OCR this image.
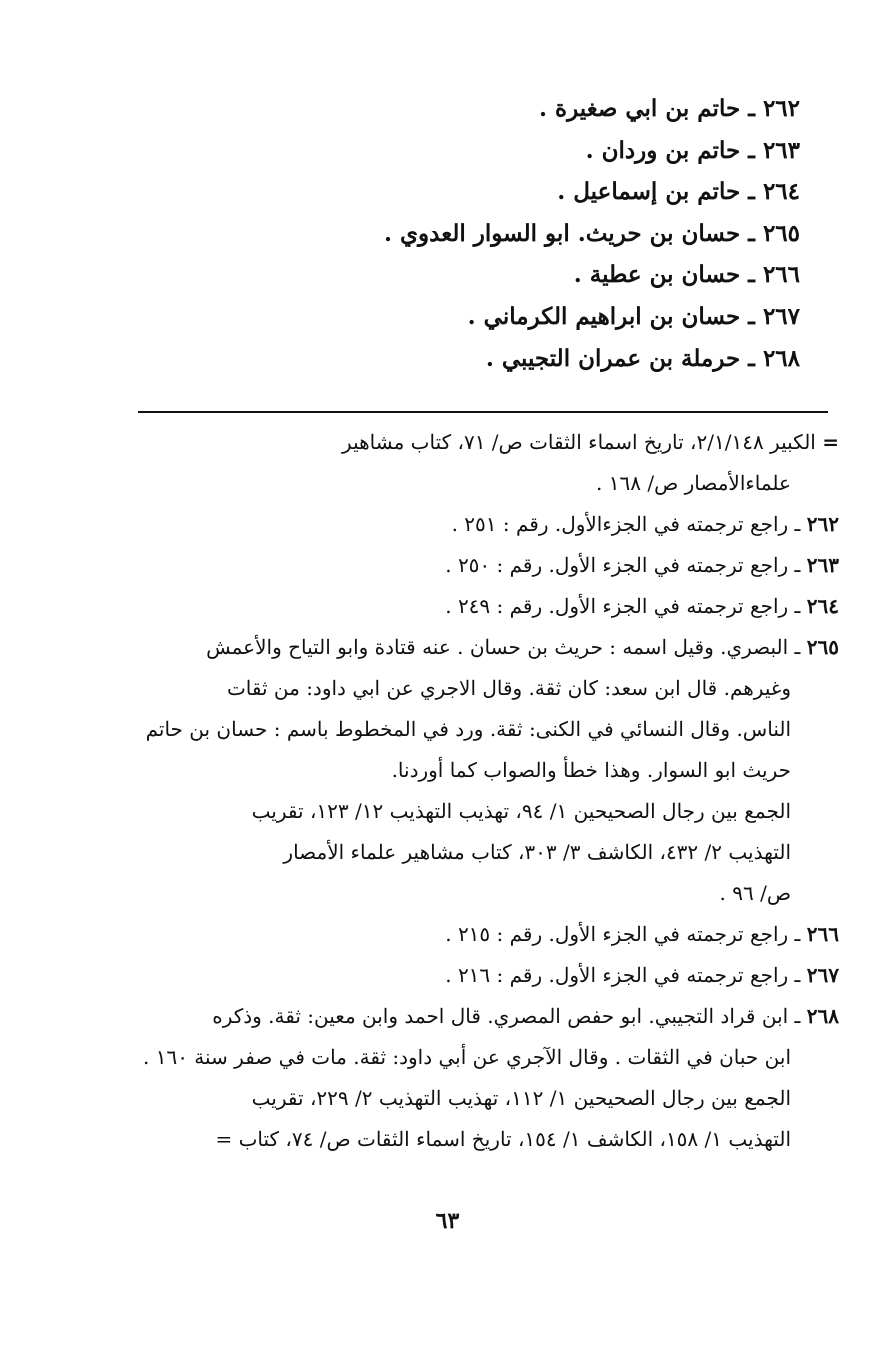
٢٦٢ ـ حاتم بن ابي صغيرة .
٢٦٣ ـ حاتم بن وردان .
٢٦٤ ـ حاتم بن إسماعيل .
٢٦٥ ـ حسان بن حريث. ابو السوار العدوي .
٢٦٦ ـ حسان بن عطية .
٢٦٧ ـ حسان بن ابراهيم الكرماني .
٢٦٨ ـ حرملة بن عمران التجيبي .
= الكبير ٢/١/١٤٨، تاريخ اسماء الثقات ص/ ٧١، كتاب مشاهير
علماءالأمصار ص/ ١٦٨ .
٢٦٢ ـ راجع ترجمته في الجزءالأول. رقم : ٢٥١ .
٢٦٣ ـ راجع ترجمته في الجزء الأول. رقم : ٢٥٠ .
٢٦٤ ـ راجع ترجمته في الجزء الأول. رقم : ٢٤٩ .
٢٦٥ ـ البصري. وقيل اسمه : حريث بن حسان . عنه قتادة وابو التياح والأعمش
وغيرهم. قال ابن سعد: كان ثقة. وقال الاجري عن ابي داود: من ثقات
الناس. وقال النسائي في الكنى: ثقة. ورد في المخطوط باسم : حسان بن حاتم
حريث ابو السوار. وهذا خطأ والصواب كما أوردنا.
الجمع بين رجال الصحيحين ١/ ٩٤، تهذيب التهذيب ١٢/ ١٢٣، تقريب
التهذيب ٢/ ٤٣٢، الكاشف ٣/ ٣٠٣، كتاب مشاهير علماء الأمصار
ص/ ٩٦ .
٢٦٦ ـ راجع ترجمته في الجزء الأول. رقم : ٢١٥ .
٢٦٧ ـ راجع ترجمته في الجزء الأول. رقم : ٢١٦ .
٢٦٨ ـ ابن قراد التجيبي. ابو حفص المصري. قال احمد وابن معين: ثقة. وذكره
ابن حبان في الثقات . وقال الآجري عن أبي داود: ثقة. مات في صفر سنة ١٦٠ .
الجمع بين رجال الصحيحين ١/ ١١٢، تهذيب التهذيب ٢/ ٢٢٩، تقريب
التهذيب ١/ ١٥٨، الكاشف ١/ ١٥٤، تاريخ اسماء الثقات ص/ ٧٤، كتاب =
٦٣
